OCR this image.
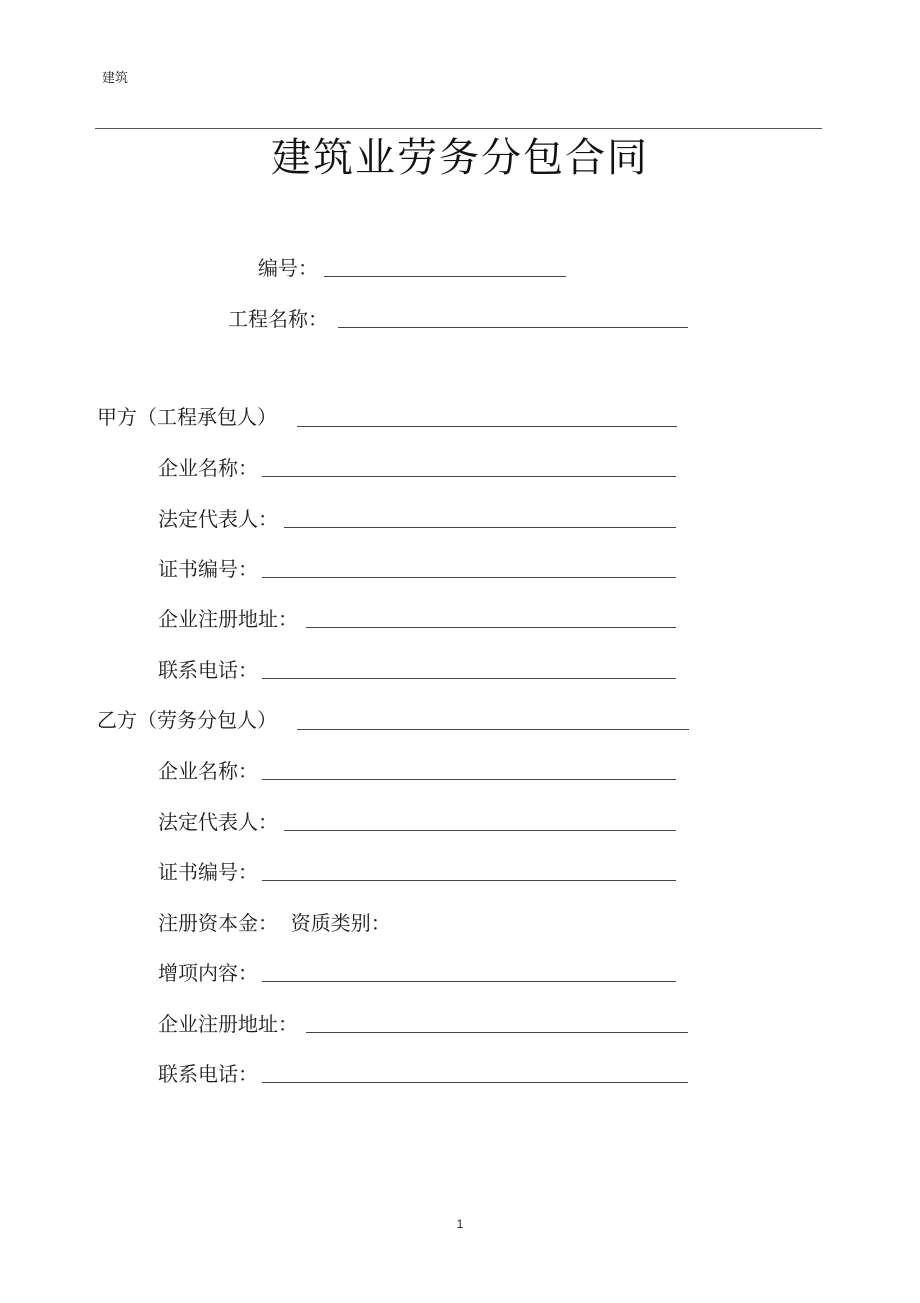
建筑
建筑业劳务分包合同
编号：
工程名称：
甲方（工程承包人）
企业名称：
法定代表人：
证书编号：
企业注册地址：
联系电话：
乙方（劳务分包人）
企业名称：
法定代表人：
证书编号：
注册资本金：  资质类别：
增项内容：
企业注册地址：
联系电话：
1
